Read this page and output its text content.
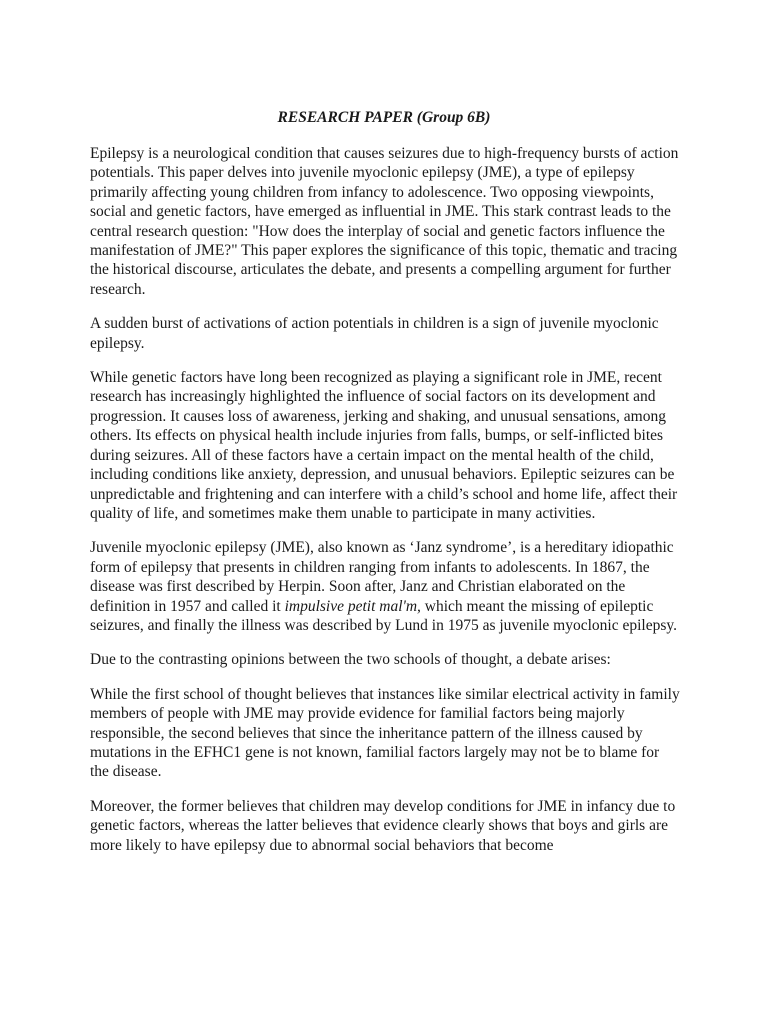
RESEARCH PAPER (Group 6B)

Epilepsy is a neurological condition that causes seizures due to high-frequency bursts of action potentials. This paper delves into juvenile myoclonic epilepsy (JME), a type of epilepsy primarily affecting young children from infancy to adolescence. Two opposing viewpoints, social and genetic factors, have emerged as influential in JME. This stark contrast leads to the central research question: "How does the interplay of social and genetic factors influence the manifestation of JME?" This paper explores the significance of this topic, thematic and tracing the historical discourse, articulates the debate, and presents a compelling argument for further research.

A sudden burst of activations of action potentials in children is a sign of juvenile myoclonic epilepsy.

While genetic factors have long been recognized as playing a significant role in JME, recent research has increasingly highlighted the influence of social factors on its development and progression. It causes loss of awareness, jerking and shaking, and unusual sensations, among others. Its effects on physical health include injuries from falls, bumps, or self-inflicted bites during seizures. All of these factors have a certain impact on the mental health of the child, including conditions like anxiety, depression, and unusual behaviors. Epileptic seizures can be unpredictable and frightening and can interfere with a child’s school and home life, affect their quality of life, and sometimes make them unable to participate in many activities.

Juvenile myoclonic epilepsy (JME), also known as ‘Janz syndrome’, is a hereditary idiopathic form of epilepsy that presents in children ranging from infants to adolescents. In 1867, the disease was first described by Herpin. Soon after, Janz and Christian elaborated on the definition in 1957 and called it impulsive petit mal'm, which meant the missing of epileptic seizures, and finally the illness was described by Lund in 1975 as juvenile myoclonic epilepsy.

Due to the contrasting opinions between the two schools of thought, a debate arises:

While the first school of thought believes that instances like similar electrical activity in family members of people with JME may provide evidence for familial factors being majorly responsible, the second believes that since the inheritance pattern of the illness caused by mutations in the EFHC1 gene is not known, familial factors largely may not be to blame for the disease.

Moreover, the former believes that children may develop conditions for JME in infancy due to genetic factors, whereas the latter believes that evidence clearly shows that boys and girls are more likely to have epilepsy due to abnormal social behaviors that become
